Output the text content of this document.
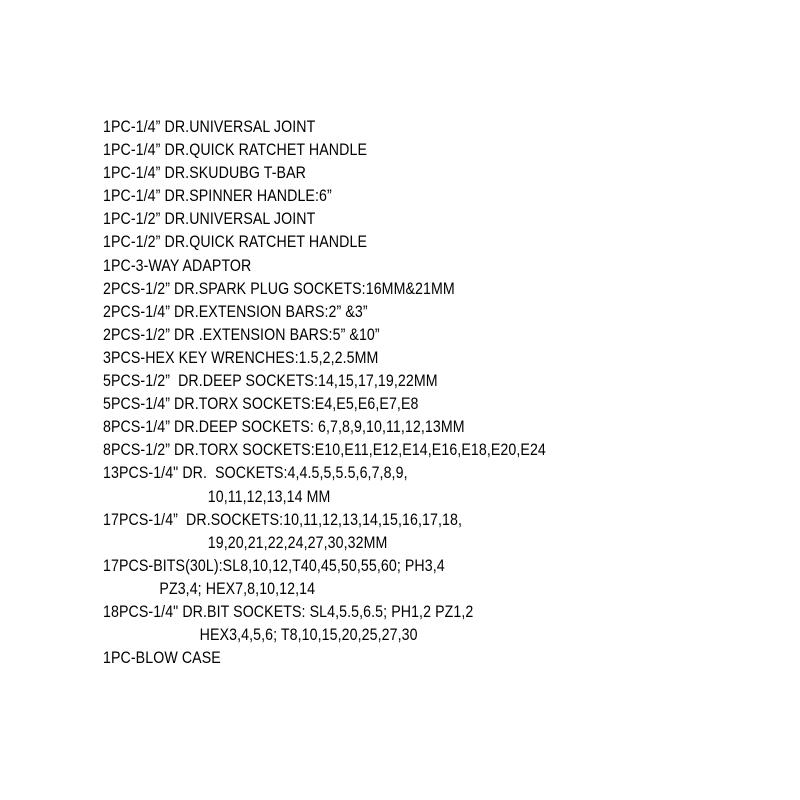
1PC-1/4” DR.UNIVERSAL JOINT
1PC-1/4” DR.QUICK RATCHET HANDLE
1PC-1/4” DR.SKUDUBG T-BAR
1PC-1/4” DR.SPINNER HANDLE:6”
1PC-1/2” DR.UNIVERSAL JOINT
1PC-1/2” DR.QUICK RATCHET HANDLE
1PC-3-WAY ADAPTOR
2PCS-1/2” DR.SPARK PLUG SOCKETS:16MM&21MM
2PCS-1/4” DR.EXTENSION BARS:2” &3”
2PCS-1/2” DR .EXTENSION BARS:5” &10”
3PCS-HEX KEY WRENCHES:1.5,2,2.5MM
5PCS-1/2”  DR.DEEP SOCKETS:14,15,17,19,22MM
5PCS-1/4” DR.TORX SOCKETS:E4,E5,E6,E7,E8
8PCS-1/4” DR.DEEP SOCKETS: 6,7,8,9,10,11,12,13MM
8PCS-1/2” DR.TORX SOCKETS:E10,E11,E12,E14,E16,E18,E20,E24
13PCS-1/4" DR.  SOCKETS:4,4.5,5,5.5,6,7,8,9,
10,11,12,13,14 MM
17PCS-1/4”  DR.SOCKETS:10,11,12,13,14,15,16,17,18,
19,20,21,22,24,27,30,32MM
17PCS-BITS(30L):SL8,10,12,T40,45,50,55,60; PH3,4
PZ3,4; HEX7,8,10,12,14
18PCS-1/4" DR.BIT SOCKETS: SL4,5.5,6.5; PH1,2 PZ1,2
HEX3,4,5,6; T8,10,15,20,25,27,30
1PC-BLOW CASE
